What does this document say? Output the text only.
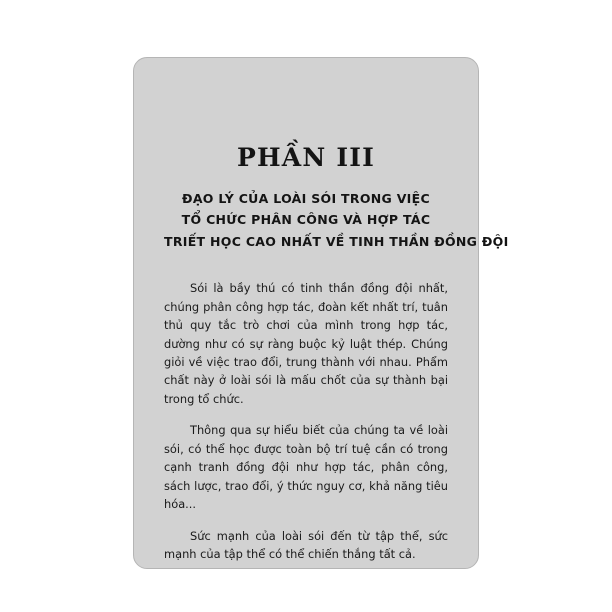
PHẦN III

ĐẠO LÝ CỦA LOÀI SÓI TRONG VIỆC

TỔ CHỨC PHÂN CÔNG VÀ HỢP TÁC

TRIẾT HỌC CAO NHẤT VỀ TINH THẦN ĐỒNG ĐỘI

Sói là bầy thú có tinh thần đồng đội nhất, chúng phân công hợp tác, đoàn kết nhất trí, tuân thủ quy tắc trò chơi của mình trong hợp tác, dường như có sự ràng buộc kỷ luật thép. Chúng giỏi về việc trao đổi, trung thành với nhau. Phẩm chất này ở loài sói là mấu chốt của sự thành bại trong tổ chức.

Thông qua sự hiểu biết của chúng ta về loài sói, có thể học được toàn bộ trí tuệ cần có trong cạnh tranh đồng đội như hợp tác, phân công, sách lược, trao đổi, ý thức nguy cơ, khả năng tiêu hóa...

Sức mạnh của loài sói đến từ tập thể, sức mạnh của tập thể có thể chiến thắng tất cả.
